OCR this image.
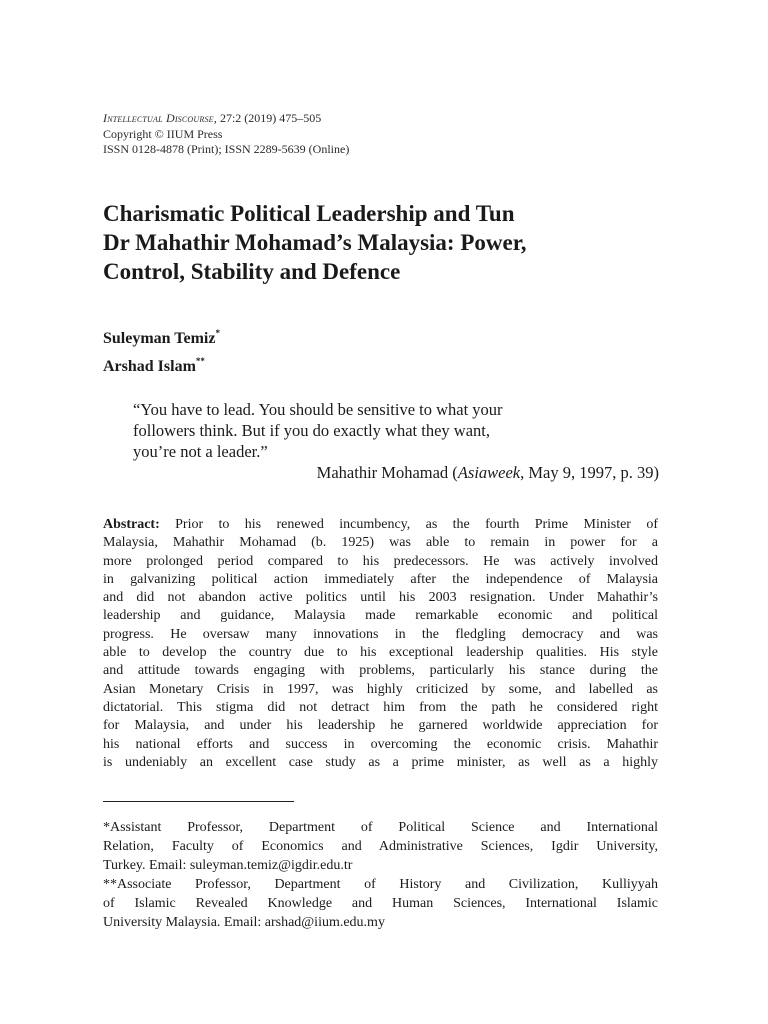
Intellectual Discourse, 27:2 (2019) 475–505
Copyright © IIUM Press
ISSN 0128-4878 (Print); ISSN 2289-5639 (Online)
Charismatic Political Leadership and Tun
Dr Mahathir Mohamad’s Malaysia: Power,
Control, Stability and Defence
Suleyman Temiz*
Arshad Islam**
“You have to lead. You should be sensitive to what your
followers think. But if you do exactly what they want,
you’re not a leader.”
Mahathir Mohamad (Asiaweek, May 9, 1997, p. 39)
Abstract: Prior to his renewed incumbency, as the fourth Prime Minister of
Malaysia, Mahathir Mohamad (b. 1925) was able to remain in power for a
more prolonged period compared to his predecessors. He was actively involved
in galvanizing political action immediately after the independence of Malaysia
and did not abandon active politics until his 2003 resignation. Under Mahathir’s
leadership and guidance, Malaysia made remarkable economic and political
progress. He oversaw many innovations in the fledgling democracy and was
able to develop the country due to his exceptional leadership qualities. His style
and attitude towards engaging with problems, particularly his stance during the
Asian Monetary Crisis in 1997, was highly criticized by some, and labelled as
dictatorial. This stigma did not detract him from the path he considered right
for Malaysia, and under his leadership he garnered worldwide appreciation for
his national efforts and success in overcoming the economic crisis. Mahathir
is undeniably an excellent case study as a prime minister, as well as a highly
*Assistant Professor, Department of Political Science and International
Relation, Faculty of Economics and Administrative Sciences, Igdir University,
Turkey. Email: suleyman.temiz@igdir.edu.tr
**Associate Professor, Department of History and Civilization, Kulliyyah
of Islamic Revealed Knowledge and Human Sciences, International Islamic
University Malaysia. Email: arshad@iium.edu.my
